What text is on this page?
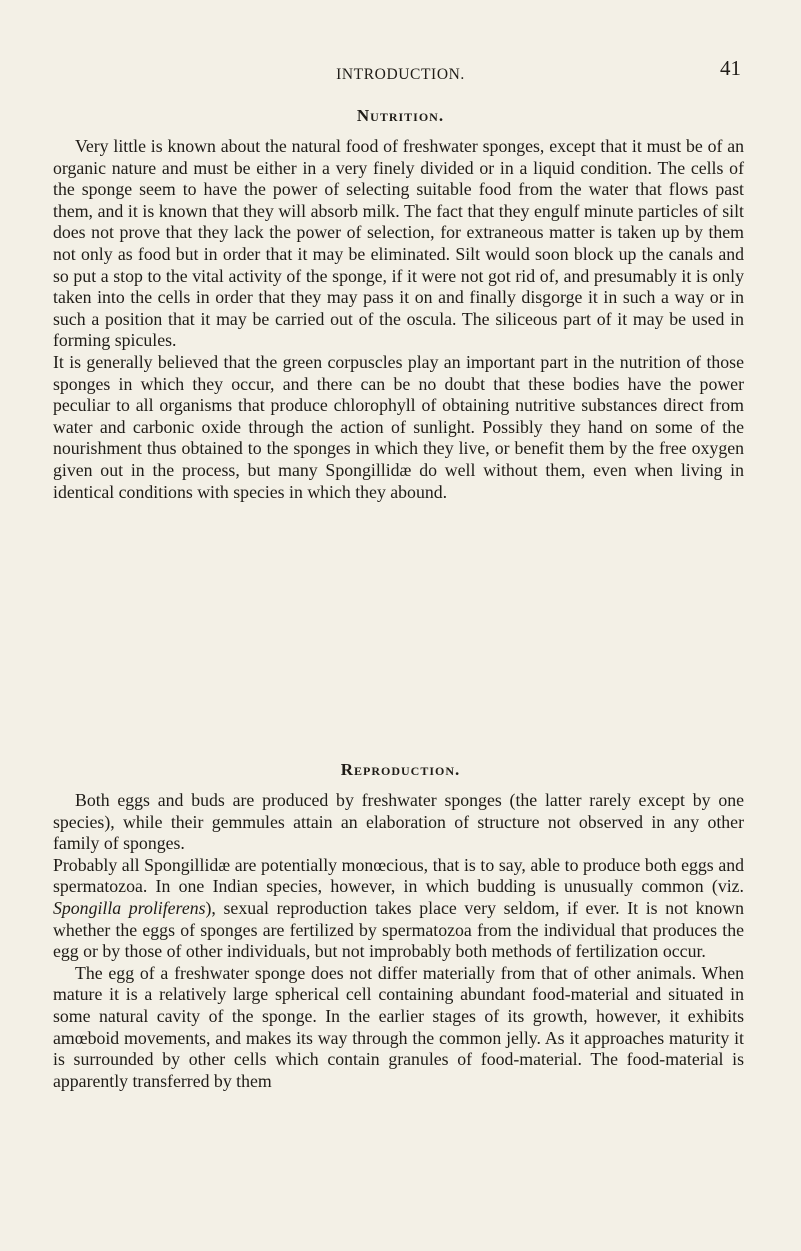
INTRODUCTION.	41
Nutrition.

Very little is known about the natural food of freshwater sponges, except that it must be of an organic nature and must be either in a very finely divided or in a liquid condition. The cells of the sponge seem to have the power of selecting suitable food from the water that flows past them, and it is known that they will absorb milk. The fact that they engulf minute particles of silt does not prove that they lack the power of selection, for extraneous matter is taken up by them not only as food but in order that it may be eliminated. Silt would soon block up the canals and so put a stop to the vital activity of the sponge, if it were not got rid of, and presumably it is only taken into the cells in order that they may pass it on and finally disgorge it in such a way or in such a position that it may be carried out of the oscula. The siliceous part of it may be used in forming spicules.

It is generally believed that the green corpuscles play an important part in the nutrition of those sponges in which they occur, and there can be no doubt that these bodies have the power peculiar to all organisms that produce chlorophyll of obtaining nutritive substances direct from water and carbonic oxide through the action of sunlight. Possibly they hand on some of the nourishment thus obtained to the sponges in which they live, or benefit them by the free oxygen given out in the process, but many Spongillidæ do well without them, even when living in identical conditions with species in which they abound.

Reproduction.

Both eggs and buds are produced by freshwater sponges (the latter rarely except by one species), while their gemmules attain an elaboration of structure not observed in any other family of sponges.

Probably all Spongillidæ are potentially monœcious, that is to say, able to produce both eggs and spermatozoa. In one Indian species, however, in which budding is unusually common (viz. Spongilla proliferens), sexual reproduction takes place very seldom, if ever. It is not known whether the eggs of sponges are fertilized by spermatozoa from the individual that produces the egg or by those of other individuals, but not improbably both methods of fertilization occur.

The egg of a freshwater sponge does not differ materially from that of other animals. When mature it is a relatively large spherical cell containing abundant food-material and situated in some natural cavity of the sponge. In the earlier stages of its growth, however, it exhibits amœboid movements, and makes its way through the common jelly. As it approaches maturity it is surrounded by other cells which contain granules of food-material. The food-material is apparently transferred by them
